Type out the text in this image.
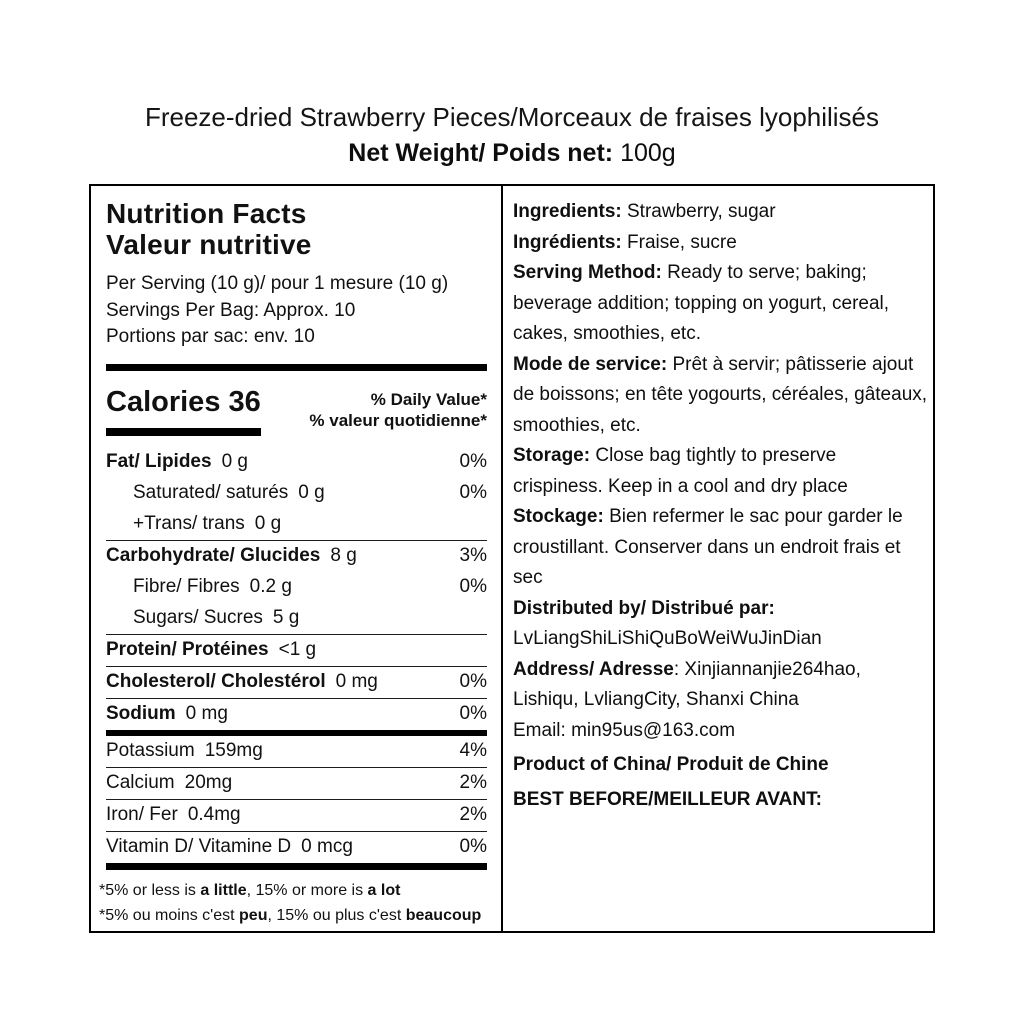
Freeze-dried Strawberry Pieces/Morceaux de fraises lyophilisés
Net Weight/ Poids net: 100g
Nutrition Facts
Valeur nutritive
Per Serving (10 g)/ pour 1 mesure (10 g)
Servings Per Bag: Approx. 10
Portions par sac: env. 10
Calories 36	% Daily Value*
% valeur quotidienne*
Fat/ Lipides 0 g	0%
Saturated/ saturés 0 g	0%
+Trans/ trans 0 g
Carbohydrate/ Glucides 8 g	3%
Fibre/ Fibres 0.2 g	0%
Sugars/ Sucres 5 g
Protein/ Protéines <1 g
Cholesterol/ Cholestérol 0 mg	0%
Sodium 0 mg	0%
Potassium 159mg	4%
Calcium 20mg	2%
Iron/ Fer 0.4mg	2%
Vitamin D/ Vitamine D 0 mcg	0%
*5% or less is a little, 15% or more is a lot
*5% ou moins c'est peu, 15% ou plus c'est beaucoup
Ingredients: Strawberry, sugar
Ingrédients: Fraise, sucre
Serving Method: Ready to serve; baking; beverage addition; topping on yogurt, cereal, cakes, smoothies, etc.
Mode de service: Prêt à servir; pâtisserie ajout de boissons; en tête yogourts, céréales, gâteaux, smoothies, etc.
Storage: Close bag tightly to preserve crispiness. Keep in a cool and dry place
Stockage: Bien refermer le sac pour garder le croustillant. Conserver dans un endroit frais et sec
Distributed by/ Distribué par:
LvLiangShiLiShiQuBoWeiWuJinDian
Address/ Adresse: Xinjiannanjie264hao, Lishiqu, LvliangCity, Shanxi China
Email: min95us@163.com
Product of China/ Produit de Chine
BEST BEFORE/MEILLEUR AVANT:
